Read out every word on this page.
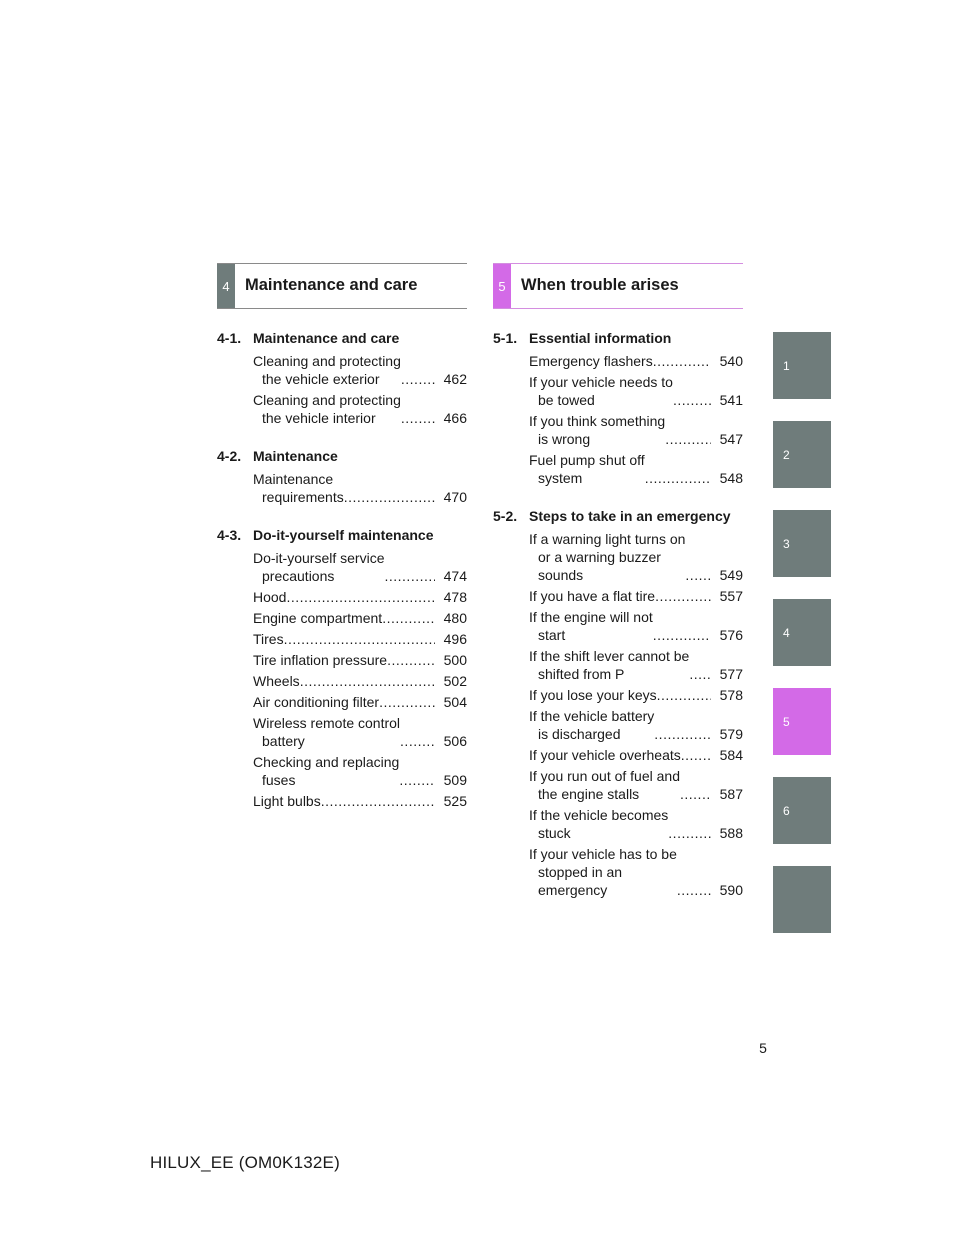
4 Maintenance and care
4-1. Maintenance and care
Cleaning and protecting
the vehicle exterior .....	462
Cleaning and protecting
the vehicle interior .....	466
4-2. Maintenance
Maintenance
requirements .....	470
4-3. Do-it-yourself maintenance
Do-it-yourself service
precautions .....	474
Hood .....	478
Engine compartment .....	480
Tires .....	496
Tire inflation pressure .....	500
Wheels .....	502
Air conditioning filter .....	504
Wireless remote control
battery .....	506
Checking and replacing
fuses .....	509
Light bulbs .....	525
5 When trouble arises
5-1. Essential information
Emergency flashers .....	540
If your vehicle needs to
be towed .....	541
If you think something
is wrong .....	547
Fuel pump shut off
system .....	548
5-2. Steps to take in an emergency
If a warning light turns on
or a warning buzzer
sounds .....	549
If you have a flat tire .....	557
If the engine will not
start .....	576
If the shift lever cannot be
shifted from P .....	577
If you lose your keys .....	578
If the vehicle battery
is discharged .....	579
If your vehicle overheats .....	584
If you run out of fuel and
the engine stalls .....	587
If the vehicle becomes
stuck .....	588
If your vehicle has to be
stopped in an
emergency .....	590
1
2
3
4
5
6
5
HILUX_EE (OM0K132E)
